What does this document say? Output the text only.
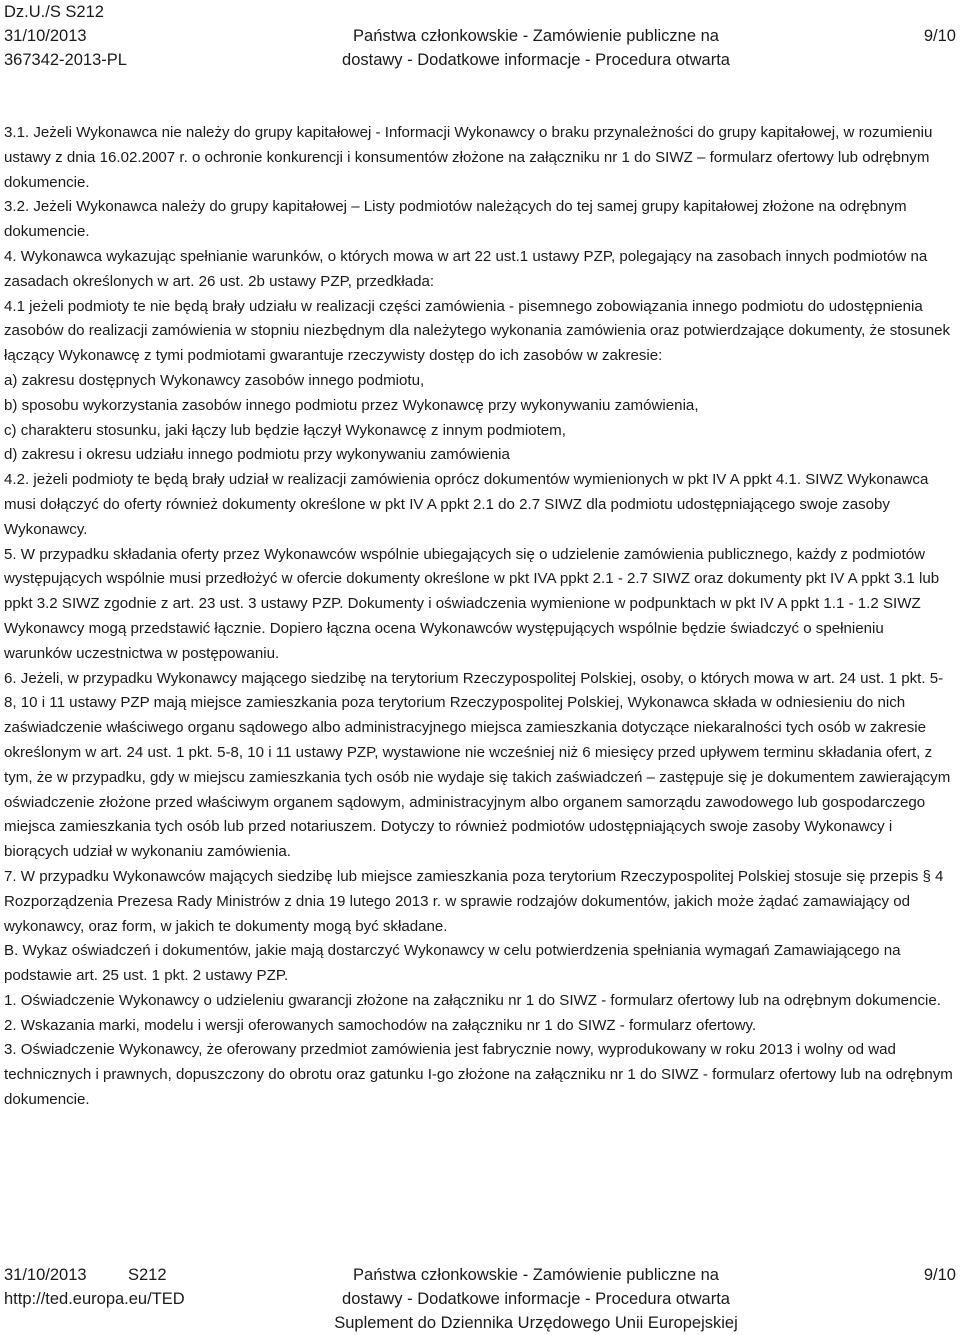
Dz.U./S S212
31/10/2013
367342-2013-PL
Państwa członkowskie - Zamówienie publiczne na
dostawy - Dodatkowe informacje - Procedura otwarta
9/10

3.1. Jeżeli Wykonawca nie należy do grupy kapitałowej - Informacji Wykonawcy o braku przynależności do grupy kapitałowej, w rozumieniu ustawy z dnia 16.02.2007 r. o ochronie konkurencji i konsumentów złożone na załączniku nr 1 do SIWZ – formularz ofertowy lub odrębnym dokumencie.

3.2. Jeżeli Wykonawca należy do grupy kapitałowej – Listy podmiotów należących do tej samej grupy kapitałowej złożone na odrębnym dokumencie.

4. Wykonawca wykazując spełnianie warunków, o których mowa w art 22 ust.1 ustawy PZP, polegający na zasobach innych podmiotów na zasadach określonych w art. 26 ust. 2b ustawy PZP, przedkłada:

4.1 jeżeli podmioty te nie będą brały udziału w realizacji części zamówienia - pisemnego zobowiązania innego podmiotu do udostępnienia zasobów do realizacji zamówienia w stopniu niezbędnym dla należytego wykonania zamówienia oraz potwierdzające dokumenty, że stosunek łączący Wykonawcę z tymi podmiotami gwarantuje rzeczywisty dostęp do ich zasobów w zakresie:

a) zakresu dostępnych Wykonawcy zasobów innego podmiotu,

b) sposobu wykorzystania zasobów innego podmiotu przez Wykonawcę przy wykonywaniu zamówienia,

c) charakteru stosunku, jaki łączy lub będzie łączył Wykonawcę z innym podmiotem,

d) zakresu i okresu udziału innego podmiotu przy wykonywaniu zamówienia

4.2. jeżeli podmioty te będą brały udział w realizacji zamówienia oprócz dokumentów wymienionych w pkt IV A ppkt 4.1. SIWZ Wykonawca musi dołączyć do oferty również dokumenty określone w pkt IV A ppkt 2.1 do 2.7 SIWZ dla podmiotu udostępniającego swoje zasoby Wykonawcy.

5. W przypadku składania oferty przez Wykonawców wspólnie ubiegających się o udzielenie zamówienia publicznego, każdy z podmiotów występujących wspólnie musi przedłożyć w ofercie dokumenty określone w pkt IVA ppkt 2.1 - 2.7 SIWZ oraz dokumenty pkt IV A ppkt 3.1 lub ppkt 3.2 SIWZ zgodnie z art. 23 ust. 3 ustawy PZP. Dokumenty i oświadczenia wymienione w podpunktach w pkt IV A ppkt 1.1 - 1.2 SIWZ Wykonawcy mogą przedstawić łącznie. Dopiero łączna ocena Wykonawców występujących wspólnie będzie świadczyć o spełnieniu warunków uczestnictwa w postępowaniu.

6. Jeżeli, w przypadku Wykonawcy mającego siedzibę na terytorium Rzeczypospolitej Polskiej, osoby, o których mowa w art. 24 ust. 1 pkt. 5-8, 10 i 11 ustawy PZP mają miejsce zamieszkania poza terytorium Rzeczypospolitej Polskiej, Wykonawca składa w odniesieniu do nich zaświadczenie właściwego organu sądowego albo administracyjnego miejsca zamieszkania dotyczące niekaralności tych osób w zakresie określonym w art. 24 ust. 1 pkt. 5-8, 10 i 11 ustawy PZP, wystawione nie wcześniej niż 6 miesięcy przed upływem terminu składania ofert, z tym, że w przypadku, gdy w miejscu zamieszkania tych osób nie wydaje się takich zaświadczeń – zastępuje się je dokumentem zawierającym oświadczenie złożone przed właściwym organem sądowym, administracyjnym albo organem samorządu zawodowego lub gospodarczego miejsca zamieszkania tych osób lub przed notariuszem. Dotyczy to również podmiotów udostępniających swoje zasoby Wykonawcy i biorących udział w wykonaniu zamówienia.

7. W przypadku Wykonawców mających siedzibę lub miejsce zamieszkania poza terytorium Rzeczypospolitej Polskiej stosuje się przepis § 4 Rozporządzenia Prezesa Rady Ministrów z dnia 19 lutego 2013 r. w sprawie rodzajów dokumentów, jakich może żądać zamawiający od wykonawcy, oraz form, w jakich te dokumenty mogą być składane.

B. Wykaz oświadczeń i dokumentów, jakie mają dostarczyć Wykonawcy w celu potwierdzenia spełniania wymagań Zamawiającego na podstawie art. 25 ust. 1 pkt. 2 ustawy PZP.

1. Oświadczenie Wykonawcy o udzieleniu gwarancji złożone na załączniku nr 1 do SIWZ - formularz ofertowy lub na odrębnym dokumencie.

2. Wskazania marki, modelu i wersji oferowanych samochodów na załączniku nr 1 do SIWZ - formularz ofertowy.

3. Oświadczenie Wykonawcy, że oferowany przedmiot zamówienia jest fabrycznie nowy, wyprodukowany w roku 2013 i wolny od wad technicznych i prawnych, dopuszczony do obrotu oraz gatunku I-go złożone na załączniku nr 1 do SIWZ - formularz ofertowy lub na odrębnym dokumencie.

31/10/2013	S212
http://ted.europa.eu/TED
Państwa członkowskie - Zamówienie publiczne na
dostawy - Dodatkowe informacje - Procedura otwarta
Suplement do Dziennika Urzędowego Unii Europejskiej
9/10
